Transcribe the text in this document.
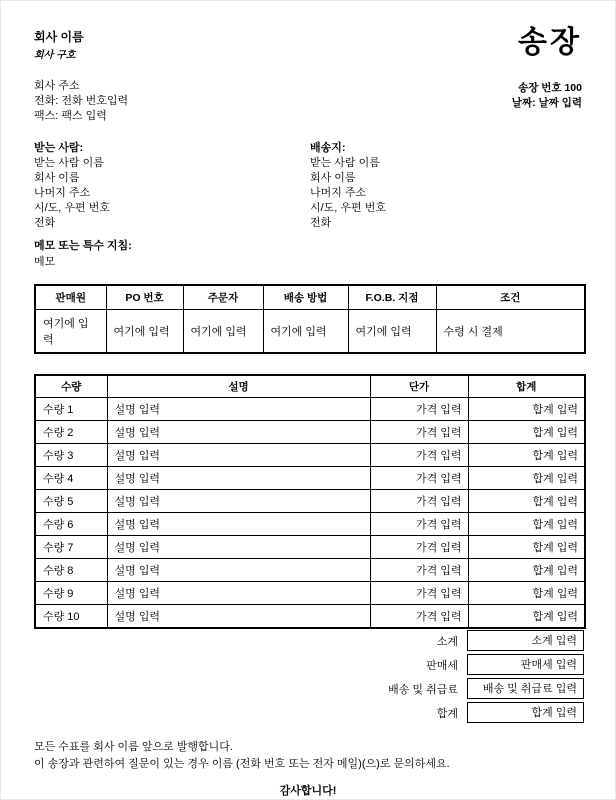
회사 이름
회사 구호	송장
회사 주소
전화: 전화 번호입력
팩스: 팩스 입력
송장 번호 100
날짜: 날짜 입력
받는 사람:
받는 사람 이름
회사 이름
나머지 주소
시/도, 우편 번호
전화
배송지:
받는 사람 이름
회사 이름
나머지 주소
시/도, 우편 번호
전화
메모 또는 특수 지침:
메모
판매원	PO 번호	주문자	배송 방법	F.O.B. 지점	조건
여기에 입력	여기에 입력	여기에 입력	여기에 입력	여기에 입력	수령 시 결제
수량	설명	단가	합계
수량 1	설명 입력	가격 입력	합계 입력
수량 2	설명 입력	가격 입력	합계 입력
수량 3	설명 입력	가격 입력	합계 입력
수량 4	설명 입력	가격 입력	합계 입력
수량 5	설명 입력	가격 입력	합계 입력
수량 6	설명 입력	가격 입력	합계 입력
수량 7	설명 입력	가격 입력	합계 입력
수량 8	설명 입력	가격 입력	합계 입력
수량 9	설명 입력	가격 입력	합계 입력
수량 10	설명 입력	가격 입력	합계 입력
소계	소계 입력
판매세	판매세 입력
배송 및 취급료	배송 및 취급료 입력
합계	합계 입력
모든 수표를 회사 이름 앞으로 발행합니다.
이 송장과 관련하여 질문이 있는 경우 이름 (전화 번호 또는 전자 메일)(으)로 문의하세요.
감사합니다!
